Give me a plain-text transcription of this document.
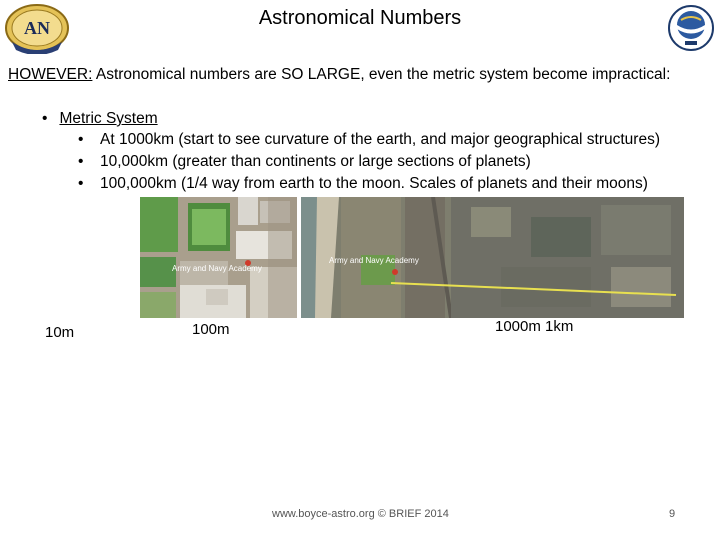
AN	Astronomical Numbers
HOWEVER: Astronomical numbers are SO LARGE, even the metric system become impractical:
• Metric System
• At 1000km (start to see curvature of the earth, and major geographical structures)
• 10,000km (greater than continents or large sections of planets)
• 100,000km (1/4 way from earth to the moon. Scales of planets and their moons)
Army and Navy Academy
Army and Navy Academy
10m	100m	1000m 1km
www.boyce-astro.org © BRIEF 2014	9
